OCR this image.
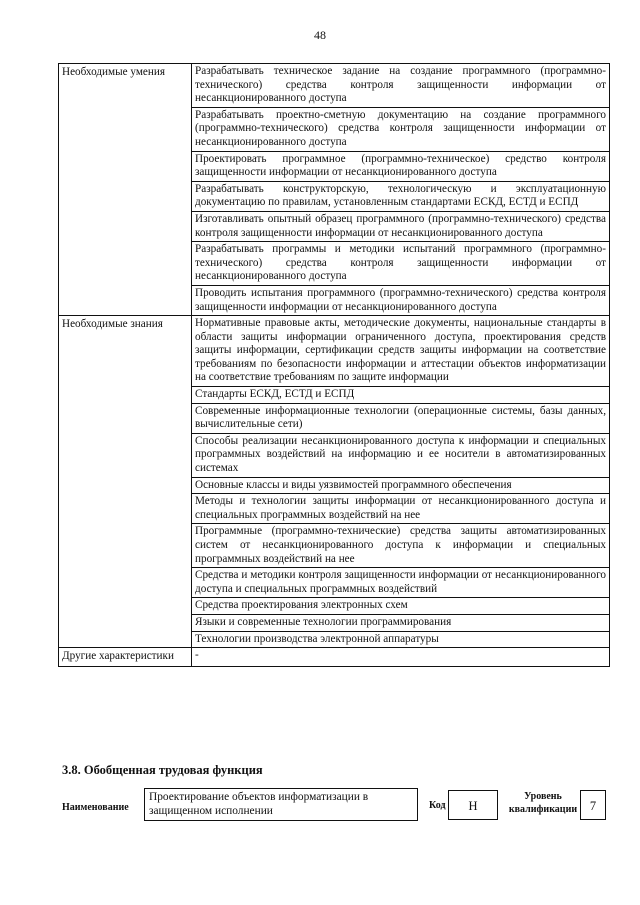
48
Необходимые умения	Разрабатывать техническое задание на создание программного (программно-технического) средства контроля защищенности информации от несанкционированного доступа
	Разрабатывать проектно-сметную документацию на создание программного (программно-технического) средства контроля защищенности информации от несанкционированного доступа
	Проектировать программное (программно-техническое) средство контроля защищенности информации от несанкционированного доступа
	Разрабатывать конструкторскую, технологическую и эксплуатационную документацию по правилам, установленным стандартами ЕСКД, ЕСТД и ЕСПД
	Изготавливать опытный образец программного (программно-технического) средства контроля защищенности информации от несанкционированного доступа
	Разрабатывать программы и методики испытаний программного (программно-технического) средства контроля защищенности информации от несанкционированного доступа
	Проводить испытания программного (программно-технического) средства контроля защищенности информации от несанкционированного доступа
Необходимые знания	Нормативные правовые акты, методические документы, национальные стандарты в области защиты информации ограниченного доступа, проектирования средств защиты информации, сертификации средств защиты информации на соответствие требованиям по безопасности информации и аттестации объектов информатизации на соответствие требованиям по защите информации
	Стандарты ЕСКД, ЕСТД и ЕСПД
	Современные информационные технологии (операционные системы, базы данных, вычислительные сети)
	Способы реализации несанкционированного доступа к информации и специальных программных воздействий на информацию и ее носители в автоматизированных системах
	Основные классы и виды уязвимостей программного обеспечения
	Методы и технологии защиты информации от несанкционированного доступа и специальных программных воздействий на нее
	Программные (программно-технические) средства защиты автоматизированных систем от несанкционированного доступа к информации и специальных программных воздействий на нее
	Средства и методики контроля защищенности информации от несанкционированного доступа и специальных программных воздействий
	Средства проектирования электронных схем
	Языки и современные технологии программирования
	Технологии производства электронной аппаратуры
Другие характеристики	-
3.8. Обобщенная трудовая функция
Наименование
Проектирование объектов информатизации в защищенном исполнении	Код	H
Уровень квалификации	7
